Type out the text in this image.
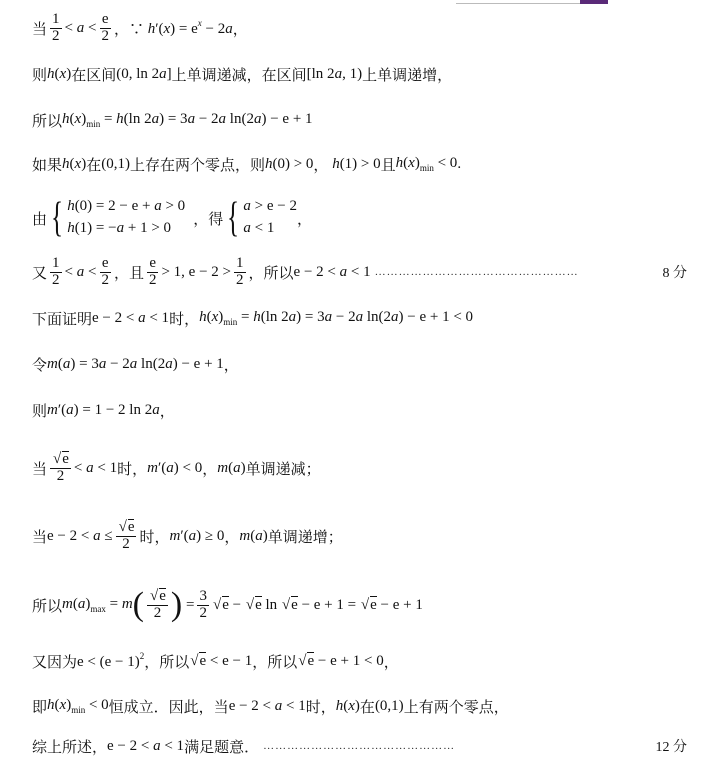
当 $\frac{1}{2} < a < \frac{e}{2}$ ，∵ $h'(x) = e^x - 2a$ ，
则 h(x) 在区间 (0, ln 2a] 上单调递减，在区间 [ln 2a, 1) 上单调递增，
所以 $h(x)_{min} = h(\ln$ 2a) = 3a − 2a ln(2a) − e + 1
如果 h(x) 在 (0,1) 上存在两个零点，则 h(0) > 0 ， h(1) > 0 且 $h(x)_{min} < 0$ .
由 { h(0) = 2 − e + a > 0
h(1) = −a + 1 > 0
，得 { a > e − 2
a < 1
，
又 $\frac{1}{2} < a < \frac{e}{2}$ ，且 $\frac{e}{2} > 1$, $e - 2 > \frac{1}{2}$ ，所以 e − 2 < a < 1 ……………………………………………	8 分
下面证明 e − 2 < a < 1 时， $h(x)_{min} = h(\ln$ 2a) = 3a − 2a ln(2a) − e + 1 < 0
令 m(a) = 3a − 2a ln(2a) − e + 1 ，
则 m′(a) = 1 − 2 ln 2a ，
当 √ $\frac{e}{2} < a < 1$ 时， m′(a) < 0 ， m(a) 单调递减；
当 e − 2 < a ≤ √ $\frac{e}{2}$ 时， m′(a) ≥ 0 ， m(a) 单调递增；
所以 $m(a)_{max} = m$ ( √ $\frac{e}{2}$ ) = $\frac{3}{2}$ √ e − √ e ln √ e − e + 1 = √ e − e + 1
又因为 $e < (e - 1)^2$ ，所以 √ e < e − 1 ，所以 √ e − e + 1 < 0 ，
即 $h(x)_{min} < 0$ 恒成立．因此，当 e − 2 < a < 1 时， h(x) 在 (0,1) 上有两个零点，
综上所述， e − 2 < a < 1 满足题意． …………………………………………	12 分
